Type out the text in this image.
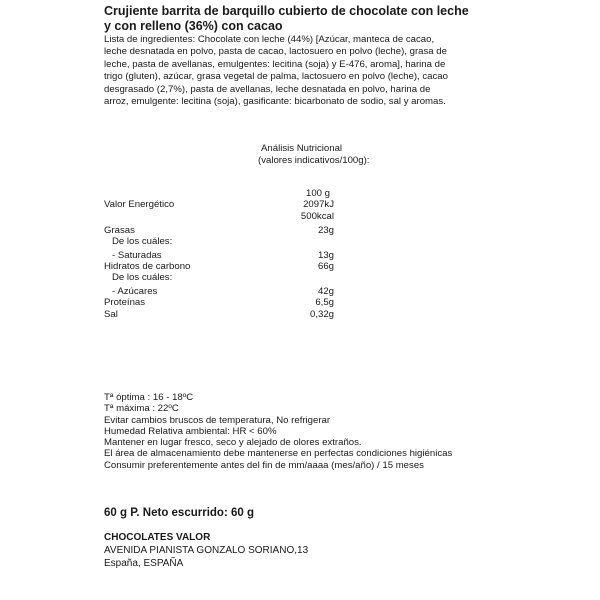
Crujiente barrita de barquillo cubierto de chocolate con leche
y con relleno (36%) con cacao
Lista de ingredientes: Chocolate con leche (44%) [Azúcar, manteca de cacao,
leche desnatada en polvo, pasta de cacao, lactosuero en polvo (leche), grasa de
leche, pasta de avellanas, emulgentes: lecitina (soja) y E-476, aroma], harina de
trigo (gluten), azúcar, grasa vegetal de palma, lactosuero en polvo (leche), cacao
desgrasado (2,7%), pasta de avellanas, leche desnatada en polvo, harina de
arroz, emulgente: lecitina (soja), gasificante: bicarbonato de sodio, sal y aromas.
Análisis Nutricional
(valores indicativos/100g):
100 g
Valor Energético	2097kJ
500kcal
Grasas	23g
De los cuáles:
- Saturadas	13g
Hidratos de carbono	66g
De los cuáles:
- Azúcares	42g
Proteínas	6,5g
Sal	0,32g
Tª óptima : 16 - 18ºC
Tª máxima : 22ºC
Evitar cambios bruscos de temperatura, No refrigerar
Humedad Relativa ambiental: HR < 60%
Mantener en lugar fresco, seco y alejado de olores extraños.
El área de almacenamiento debe mantenerse en perfectas condiciones higiénicas
Consumir preferentemente antes del fin de mm/aaaa (mes/año) / 15 meses
60 g P. Neto escurrido: 60 g
CHOCOLATES VALOR
AVENIDA PIANISTA GONZALO SORIANO,13
España, ESPAÑA
